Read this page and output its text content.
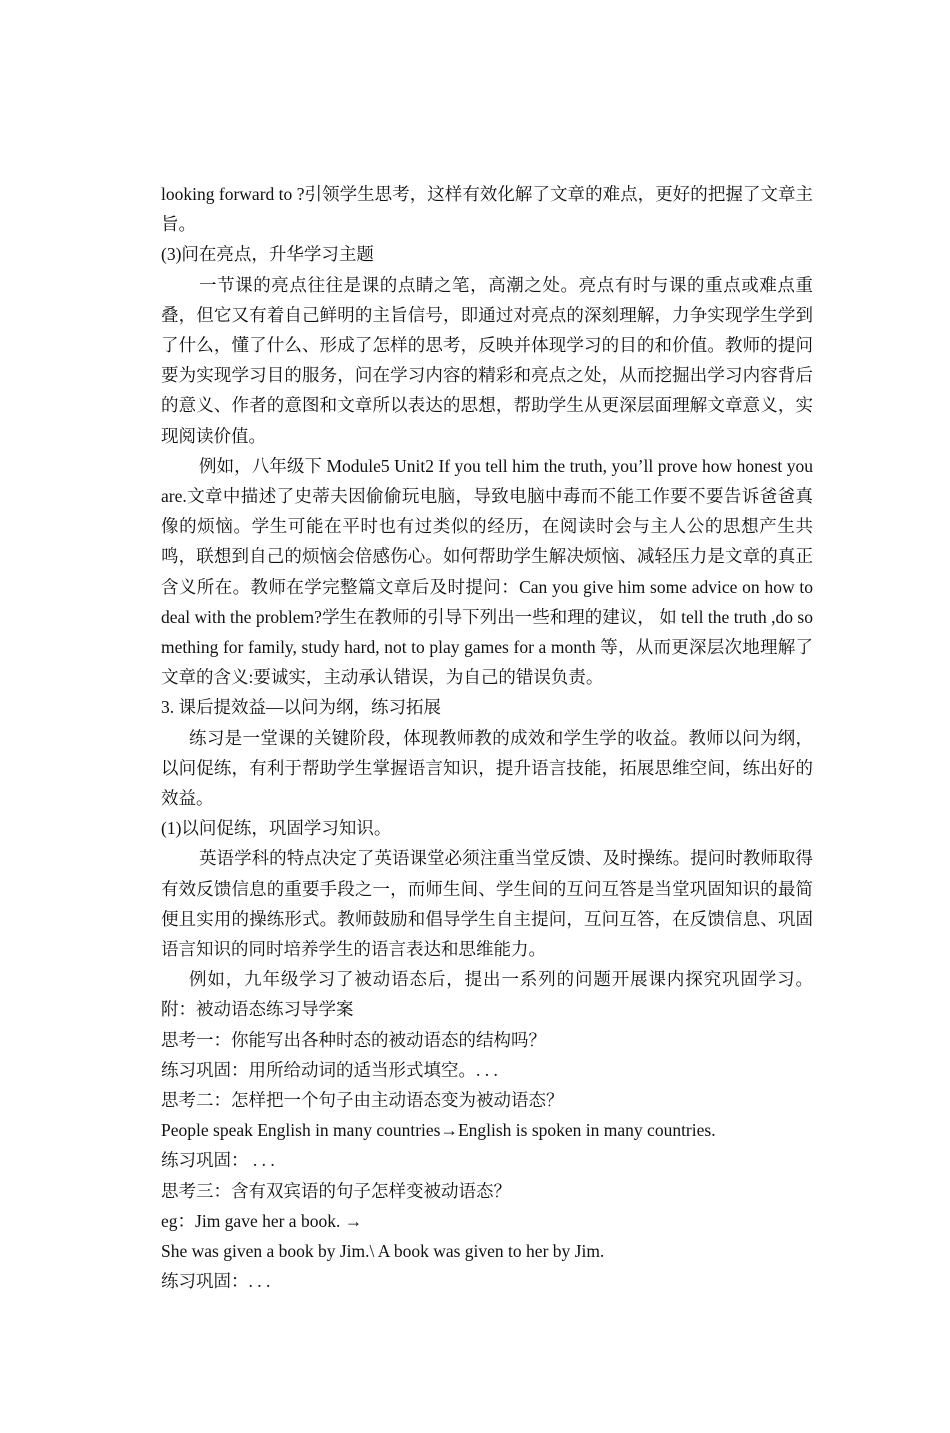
looking forward to ?引领学生思考，这样有效化解了文章的难点，更好的把握了文章主旨。
(3)问在亮点，升华学习主题
一节课的亮点往往是课的点睛之笔，高潮之处。亮点有时与课的重点或难点重叠，但它又有着自己鲜明的主旨信号，即通过对亮点的深刻理解，力争实现学生学到了什么，懂了什么、形成了怎样的思考，反映并体现学习的目的和价值。教师的提问要为实现学习目的服务，问在学习内容的精彩和亮点之处，从而挖掘出学习内容背后的意义、作者的意图和文章所以表达的思想，帮助学生从更深层面理解文章意义，实现阅读价值。
例如，八年级下 Module5 Unit2 If you tell him the truth, you’ll prove how honest you are.文章中描述了史蒂夫因偷偷玩电脑，导致电脑中毒而不能工作要不要告诉爸爸真像的烦恼。学生可能在平时也有过类似的经历，在阅读时会与主人公的思想产生共鸣，联想到自己的烦恼会倍感伤心。如何帮助学生解决烦恼、减轻压力是文章的真正含义所在。教师在学完整篇文章后及时提问：Can you give him some advice on how to deal with the problem?学生在教师的引导下列出一些和理的建议， 如 tell the truth ,do something for family, study hard, not to play games for a month 等，从而更深层次地理解了文章的含义:要诚实，主动承认错误，为自己的错误负责。
3. 课后提效益—以问为纲，练习拓展
练习是一堂课的关键阶段，体现教师教的成效和学生学的收益。教师以问为纲，以问促练，有利于帮助学生掌握语言知识，提升语言技能，拓展思维空间，练出好的效益。
(1)以问促练，巩固学习知识。
英语学科的特点决定了英语课堂必须注重当堂反馈、及时操练。提问时教师取得有效反馈信息的重要手段之一，而师生间、学生间的互问互答是当堂巩固知识的最简便且实用的操练形式。教师鼓励和倡导学生自主提问，互问互答，在反馈信息、巩固语言知识的同时培养学生的语言表达和思维能力。
例如，九年级学习了被动语态后，提出一系列的问题开展课内探究巩固学习。附：被动语态练习导学案
思考一：你能写出各种时态的被动语态的结构吗？
练习巩固：用所给动词的适当形式填空。. . .
思考二：怎样把一个句子由主动语态变为被动语态？
People speak English in many countries→English is spoken in many countries.
练习巩固： . . .
思考三：含有双宾语的句子怎样变被动语态？
eg：Jim gave her a book. →
She was given a book by Jim.\ A book was given to her by Jim.
练习巩固：. . .
